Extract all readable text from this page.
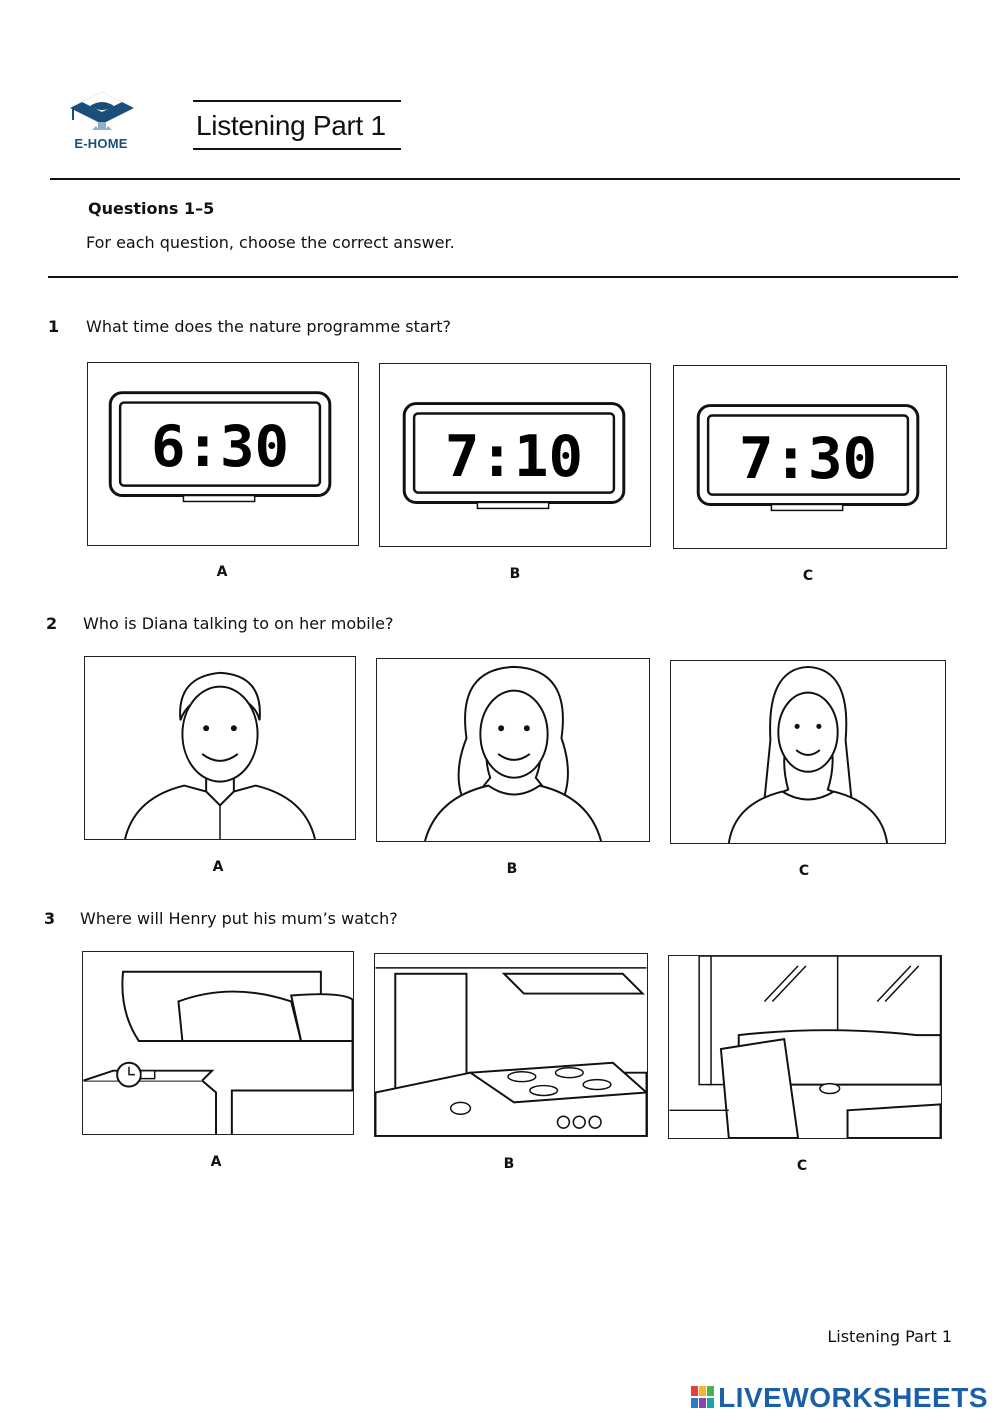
E-HOME
Listening Part 1
Questions 1–5
For each question, choose the correct answer.
1 What time does the nature programme start?
6:30	7:10	7:30
A	B	C
2 Who is Diana talking to on her mobile?
A	B	C
3 Where will Henry put his mum’s watch?
A	B	C
Listening Part 1
LIVEWORKSHEETS
